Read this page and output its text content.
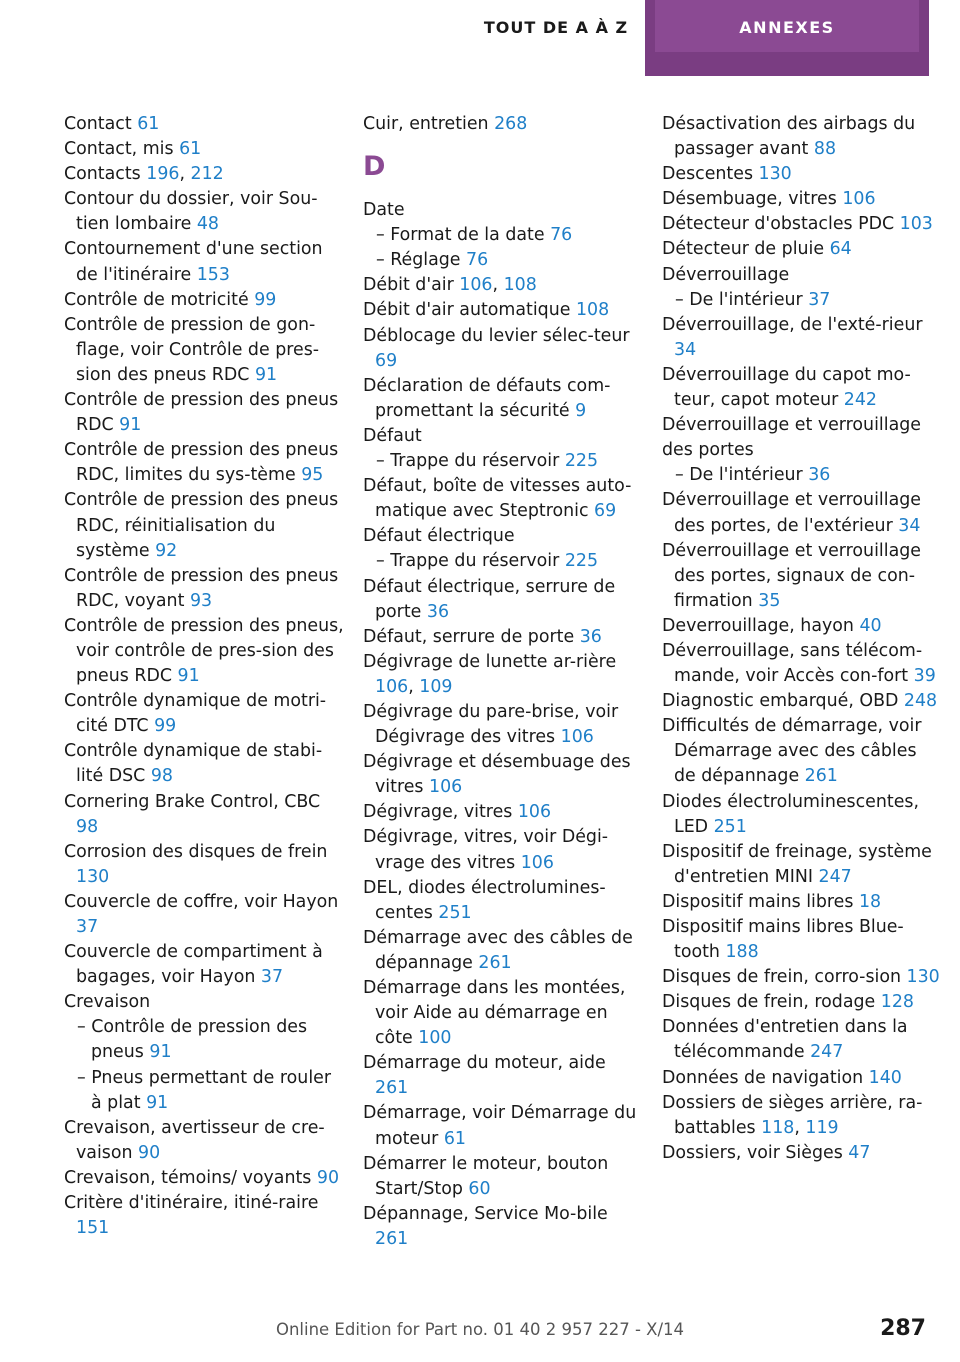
TOUT DE A À Z	ANNEXES
Contact 61
Contact, mis 61
Contacts 196, 212
Contour du dossier, voir Sou-tien lombaire 48
Contournement d'une section de l'itinéraire 153
Contrôle de motricité 99
Contrôle de pression de gon-flage, voir Contrôle de pres-sion des pneus RDC 91
Contrôle de pression des pneus RDC 91
Contrôle de pression des pneus RDC, limites du sys-tème 95
Contrôle de pression des pneus RDC, réinitialisation du système 92
Contrôle de pression des pneus RDC, voyant 93
Contrôle de pression des pneus, voir contrôle de pres-sion des pneus RDC 91
Contrôle dynamique de motri-cité DTC 99
Contrôle dynamique de stabi-lité DSC 98
Cornering Brake Control, CBC 98
Corrosion des disques de frein 130
Couvercle de coffre, voir Hayon 37
Couvercle de compartiment à bagages, voir Hayon 37
Crevaison
– Contrôle de pression des pneus 91
– Pneus permettant de rouler à plat 91
Crevaison, avertisseur de cre-vaison 90
Crevaison, témoins/ voyants 90
Critère d'itinéraire, itiné-raire 151
Cuir, entretien 268
D
Date
– Format de la date 76
– Réglage 76
Débit d'air 106, 108
Débit d'air automatique 108
Déblocage du levier sélec-teur 69
Déclaration de défauts com-promettant la sécurité 9
Défaut
– Trappe du réservoir 225
Défaut, boîte de vitesses auto-matique avec Steptronic 69
Défaut électrique
– Trappe du réservoir 225
Défaut électrique, serrure de porte 36
Défaut, serrure de porte 36
Dégivrage de lunette ar-rière 106, 109
Dégivrage du pare-brise, voir Dégivrage des vitres 106
Dégivrage et désembuage des vitres 106
Dégivrage, vitres 106
Dégivrage, vitres, voir Dégi-vrage des vitres 106
DEL, diodes électrolumines-centes 251
Démarrage avec des câbles de dépannage 261
Démarrage dans les montées, voir Aide au démarrage en côte 100
Démarrage du moteur, aide 261
Démarrage, voir Démarrage du moteur 61
Démarrer le moteur, bouton Start/Stop 60
Dépannage, Service Mo-bile 261
Désactivation des airbags du passager avant 88
Descentes 130
Désembuage, vitres 106
Détecteur d'obstacles PDC 103
Détecteur de pluie 64
Déverrouillage
– De l'intérieur 37
Déverrouillage, de l'exté-rieur 34
Déverrouillage du capot mo-teur, capot moteur 242
Déverrouillage et verrouillage des portes
– De l'intérieur 36
Déverrouillage et verrouillage des portes, de l'extérieur 34
Déverrouillage et verrouillage des portes, signaux de con-firmation 35
Deverrouillage, hayon 40
Déverrouillage, sans télécom-mande, voir Accès con-fort 39
Diagnostic embarqué, OBD 248
Difficultés de démarrage, voir Démarrage avec des câbles de dépannage 261
Diodes électroluminescentes, LED 251
Dispositif de freinage, système d'entretien MINI 247
Dispositif mains libres 18
Dispositif mains libres Blue-tooth 188
Disques de frein, corro-sion 130
Disques de frein, rodage 128
Données d'entretien dans la télécommande 247
Données de navigation 140
Dossiers de sièges arrière, ra-battables 118, 119
Dossiers, voir Sièges 47
Online Edition for Part no. 01 40 2 957 227 - X/14	287
